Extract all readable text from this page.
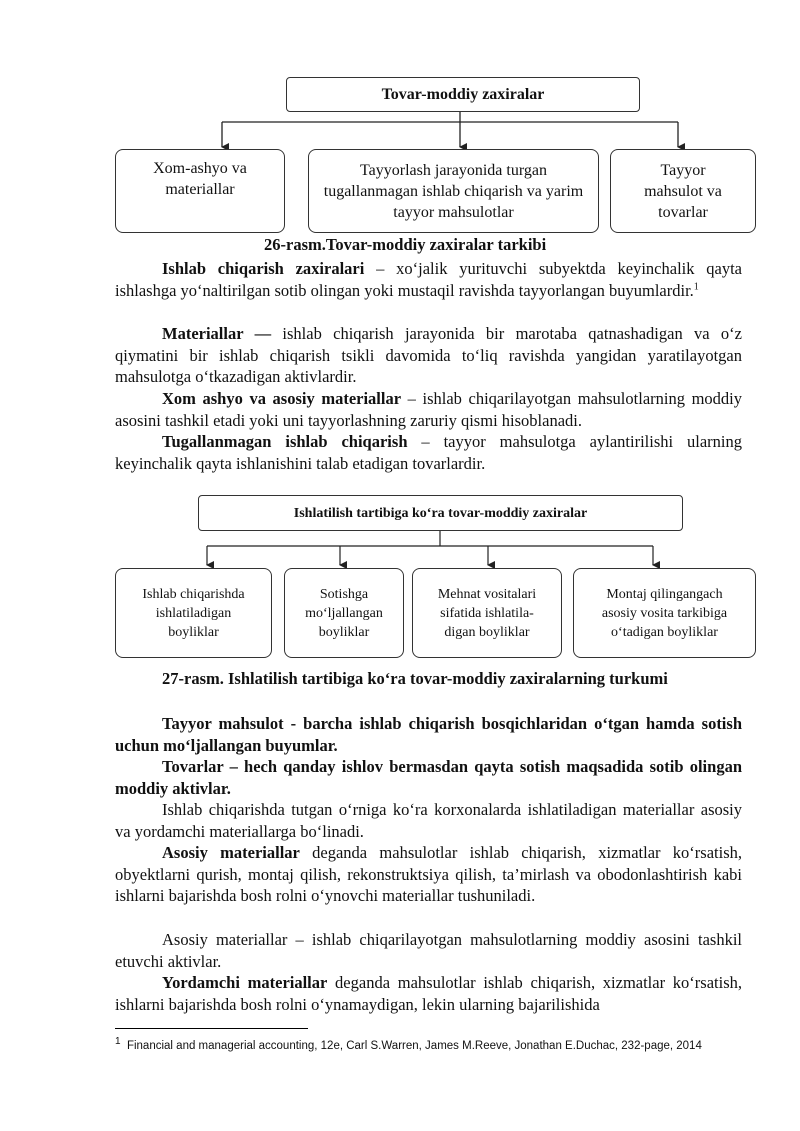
Tovar-moddiy zaxiralar
Xom-ashyo va materiallar
Tayyorlash jarayonida turgan tugallanmagan ishlab chiqarish va yarim tayyor mahsulotlar
Tayyor mahsulot va tovarlar
26-rasm.Tovar-moddiy zaxiralar tarkibi

Ishlab chiqarish zaxiralari – xo‘jalik yurituvchi subyektda keyinchalik qayta ishlashga yo‘naltirilgan sotib olingan yoki mustaqil ravishda tayyorlangan buyumlardir.$^1$

Materiallar — ishlab chiqarish jarayonida bir marotaba qatnashadigan va o‘z qiymatini bir ishlab chiqarish tsikli davomida to‘liq ravishda yangidan yaratilayotgan mahsulotga o‘tkazadigan aktivlardir.

Xom ashyo va asosiy materiallar – ishlab chiqarilayotgan mahsulotlarning moddiy asosini tashkil etadi yoki uni tayyorlashning zaruriy qismi hisoblanadi.

Tugallanmagan ishlab chiqarish – tayyor mahsulotga aylantirilishi ularning keyinchalik qayta ishlanishini talab etadigan tovarlardir.

Ishlatilish tartibiga ko‘ra tovar-moddiy zaxiralar
Ishlab chiqarishda ishlatiladigan boyliklar
Sotishga mo‘ljallangan boyliklar
Mehnat vositalari sifatida ishlatila-digan boyliklar
Montaj qilingangach asosiy vosita tarkibiga o‘tadigan boyliklar
27-rasm. Ishlatilish tartibiga ko‘ra tovar-moddiy zaxiralarning turkumi

Tayyor mahsulot - barcha ishlab chiqarish bosqichlaridan o‘tgan hamda sotish uchun mo‘ljallangan buyumlar.

Tovarlar – hech qanday ishlov bermasdan qayta sotish maqsadida sotib olingan moddiy aktivlar.

Ishlab chiqarishda tutgan o‘rniga ko‘ra korxonalarda ishlatiladigan materiallar asosiy va yordamchi materiallarga bo‘linadi.

Asosiy materiallar deganda mahsulotlar ishlab chiqarish, xizmatlar ko‘rsatish, obyektlarni qurish, montaj qilish, rekonstruktsiya qilish, ta’mirlash va obodonlashtirish kabi ishlarni bajarishda bosh rolni o‘ynovchi materiallar tushuniladi.

Asosiy materiallar – ishlab chiqarilayotgan mahsulotlarning moddiy asosini tashkil etuvchi aktivlar.

Yordamchi materiallar deganda mahsulotlar ishlab chiqarish, xizmatlar ko‘rsatish, ishlarni bajarishda bosh rolni o‘ynamaydigan, lekin ularning bajarilishida

$^1$ Financial and managerial accounting, 12e, Carl S.Warren, James M.Reeve, Jonathan E.Duchac, 232-page, 2014
